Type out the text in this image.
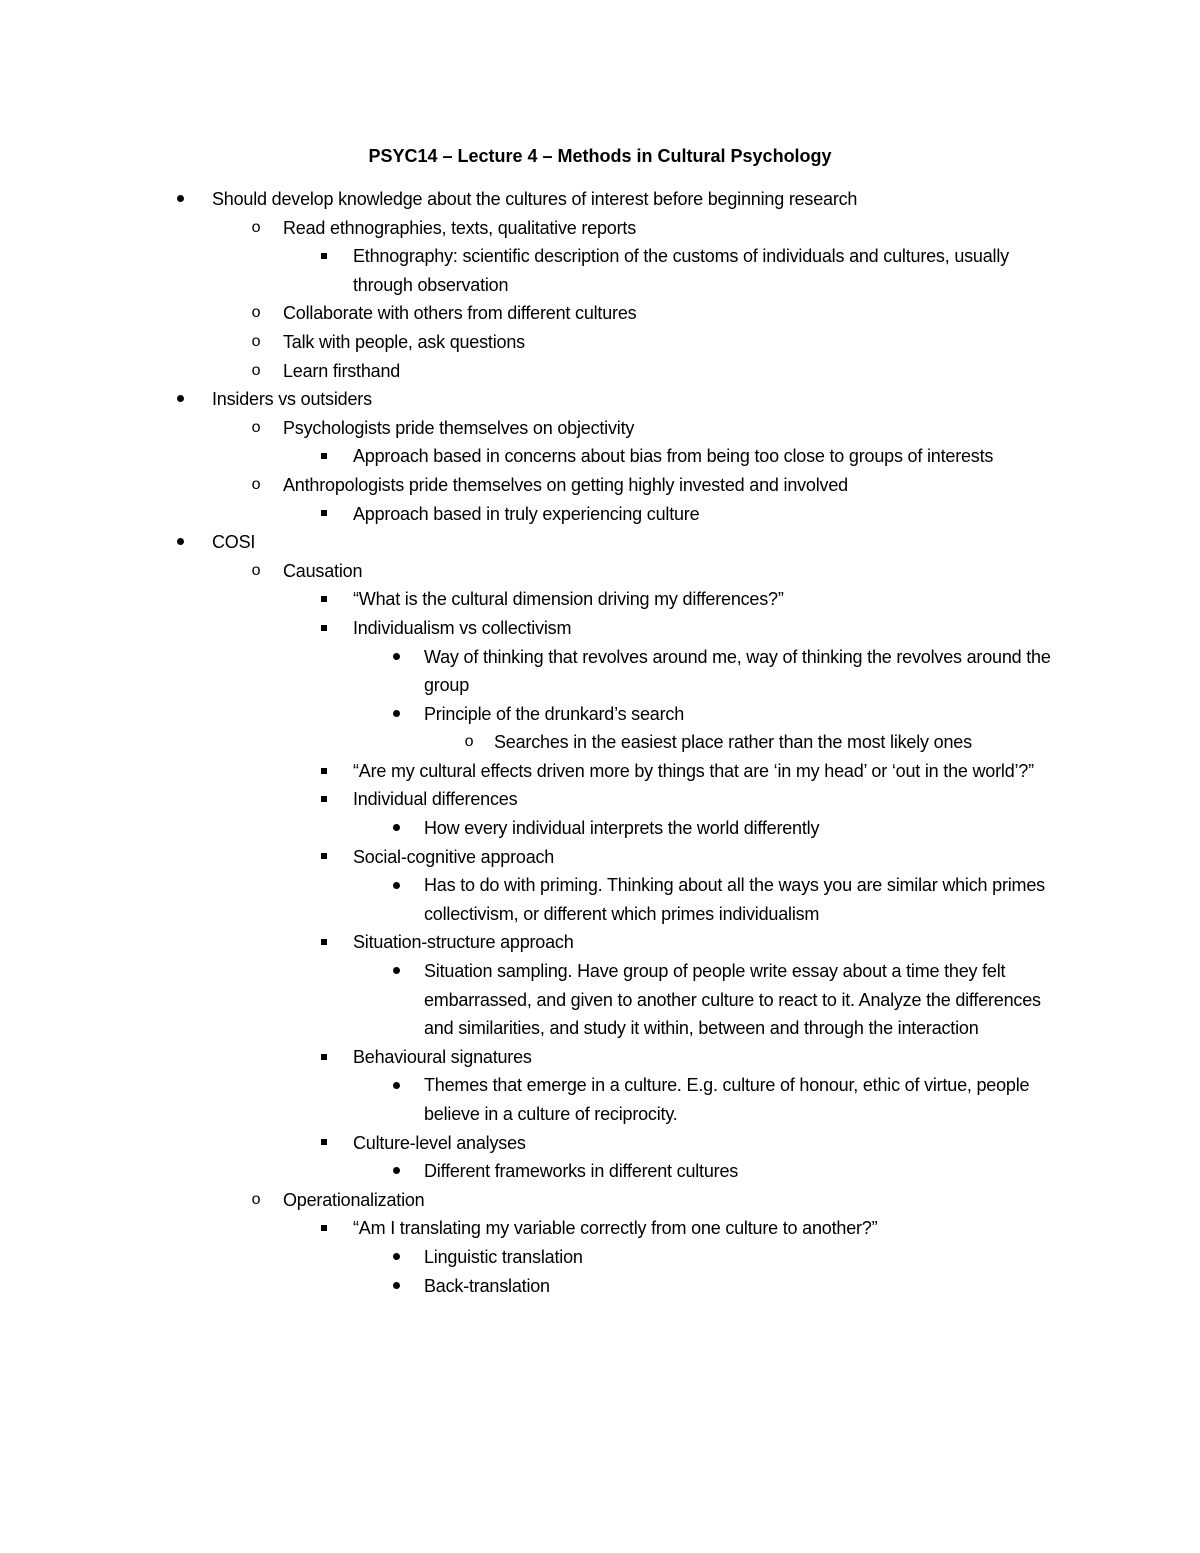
PSYC14 – Lecture 4 – Methods in Cultural Psychology
Should develop knowledge about the cultures of interest before beginning research
o	Read ethnographies, texts, qualitative reports
Ethnography: scientific description of the customs of individuals and cultures, usually through observation
o	Collaborate with others from different cultures
o	Talk with people, ask questions
o	Learn firsthand
Insiders vs outsiders
o	Psychologists pride themselves on objectivity
Approach based in concerns about bias from being too close to groups of interests
o	Anthropologists pride themselves on getting highly invested and involved
Approach based in truly experiencing culture
COSI
o	Causation
“What is the cultural dimension driving my differences?”
Individualism vs collectivism
Way of thinking that revolves around me, way of thinking the revolves around the group
Principle of the drunkard’s search
o	Searches in the easiest place rather than the most likely ones
“Are my cultural effects driven more by things that are ‘in my head’ or ‘out in the world’?”
Individual differences
How every individual interprets the world differently
Social-cognitive approach
Has to do with priming. Thinking about all the ways you are similar which primes collectivism, or different which primes individualism
Situation-structure approach
Situation sampling. Have group of people write essay about a time they felt embarrassed, and given to another culture to react to it. Analyze the differences and similarities, and study it within, between and through the interaction
Behavioural signatures
Themes that emerge in a culture. E.g. culture of honour, ethic of virtue, people believe in a culture of reciprocity.
Culture-level analyses
Different frameworks in different cultures
o	Operationalization
“Am I translating my variable correctly from one culture to another?”
Linguistic translation
Back-translation
